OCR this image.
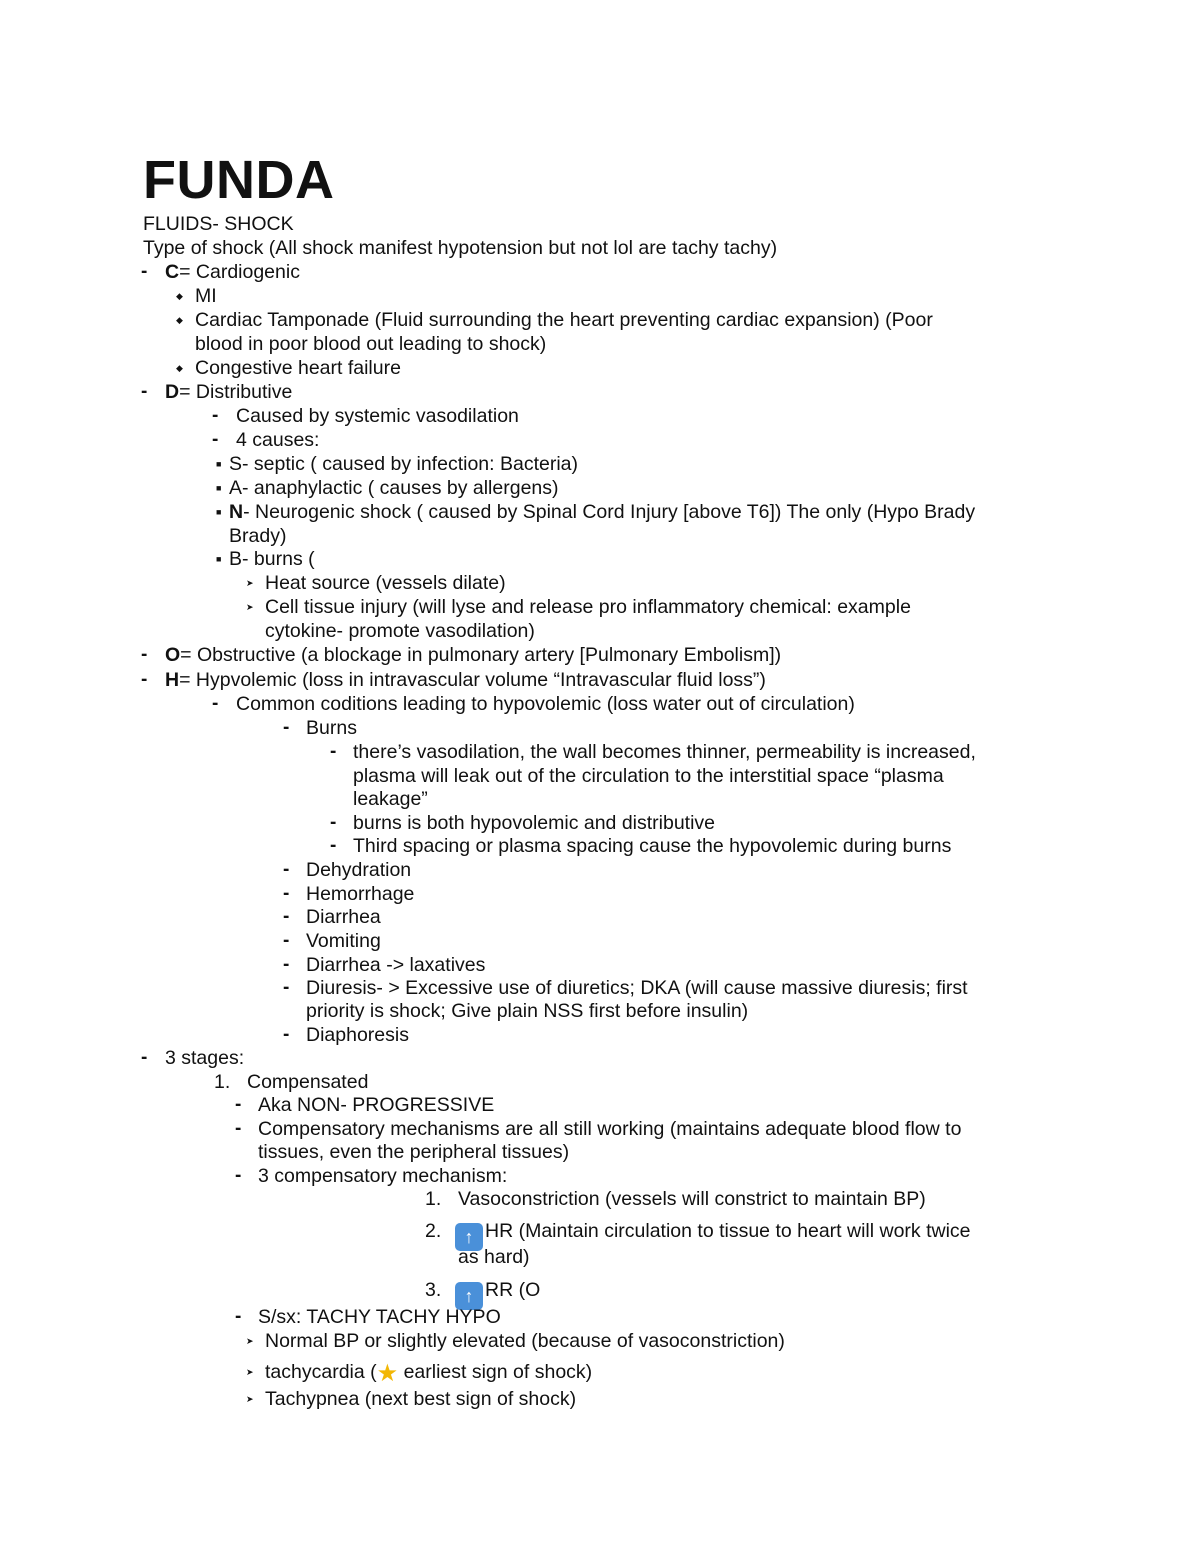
FUNDA
FLUIDS- SHOCK
Type of shock (All shock manifest hypotension but not lol are tachy tachy)
- C= Cardiogenic
◆ MI
◆ Cardiac Tamponade (Fluid surrounding the heart preventing cardiac expansion) (Poor
blood in poor blood out leading to shock)
◆ Congestive heart failure
- D= Distributive
- Caused by systemic vasodilation
- 4 causes:
■ S- septic ( caused by infection: Bacteria)
■ A- anaphylactic ( causes by allergens)
■ N- Neurogenic shock ( caused by Spinal Cord Injury [above T6]) The only (Hypo Brady
Brady)
■ B- burns (
➤ Heat source (vessels dilate)
➤ Cell tissue injury (will lyse and release pro inflammatory chemical: example
cytokine- promote vasodilation)
- O= Obstructive (a blockage in pulmonary artery [Pulmonary Embolism])
- H= Hypvolemic (loss in intravascular volume “Intravascular fluid loss”)
- Common coditions leading to hypovolemic (loss water out of circulation)
- Burns
- there’s vasodilation, the wall becomes thinner, permeability is increased,
plasma will leak out of the circulation to the interstitial space “plasma
leakage”
- burns is both hypovolemic and distributive
- Third spacing or plasma spacing cause the hypovolemic during burns
- Dehydration
- Hemorrhage
- Diarrhea
- Vomiting
- Diarrhea -> laxatives
- Diuresis- > Excessive use of diuretics; DKA (will cause massive diuresis; first
priority is shock; Give plain NSS first before insulin)
- Diaphoresis
- 3 stages:
1. Compensated
- Aka NON- PROGRESSIVE
- Compensatory mechanisms are all still working (maintains adequate blood flow to
tissues, even the peripheral tissues)
- 3 compensatory mechanism:
1. Vasoconstriction (vessels will constrict to maintain BP)
2.	↑ HR (Maintain circulation to tissue to heart will work twice
as hard)
3.	↑ RR (O
- S/sx: TACHY TACHY HYPO
➤ Normal BP or slightly elevated (because of vasoconstriction)
➤ tachycardia (★ earliest sign of shock)
➤ Tachypnea (next best sign of shock)
